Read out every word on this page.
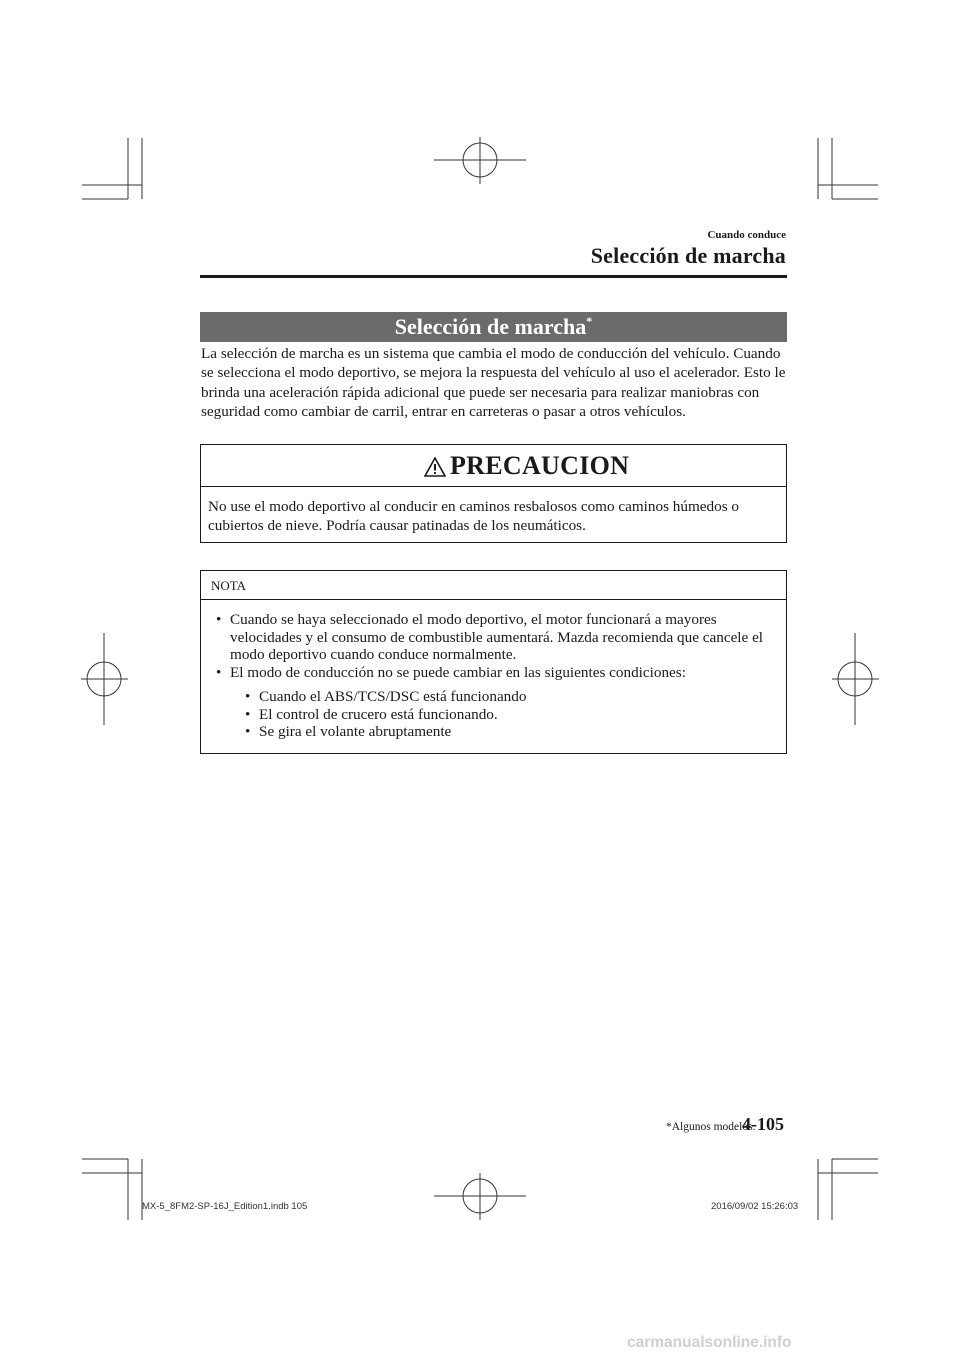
Cuando conduce
Selección de marcha
Selección de marcha*
La selección de marcha es un sistema que cambia el modo de conducción del vehículo. Cuando se selecciona el modo deportivo, se mejora la respuesta del vehículo al uso el acelerador. Esto le brinda una aceleración rápida adicional que puede ser necesaria para realizar maniobras con seguridad como cambiar de carril, entrar en carreteras o pasar a otros vehículos.
PRECAUCION
No use el modo deportivo al conducir en caminos resbalosos como caminos húmedos o cubiertos de nieve. Podría causar patinadas de los neumáticos.
NOTA
• Cuando se haya seleccionado el modo deportivo, el motor funcionará a mayores velocidades y el consumo de combustible aumentará. Mazda recomienda que cancele el modo deportivo cuando conduce normalmente.
• El modo de conducción no se puede cambiar en las siguientes condiciones:
• Cuando el ABS/TCS/DSC está funcionando
• El control de crucero está funcionando.
• Se gira el volante abruptamente
*Algunos modelos.
4-105
MX-5_8FM2-SP-16J_Edition1.indb 105	2016/09/02 15:26:03
carmanualsonline.info
